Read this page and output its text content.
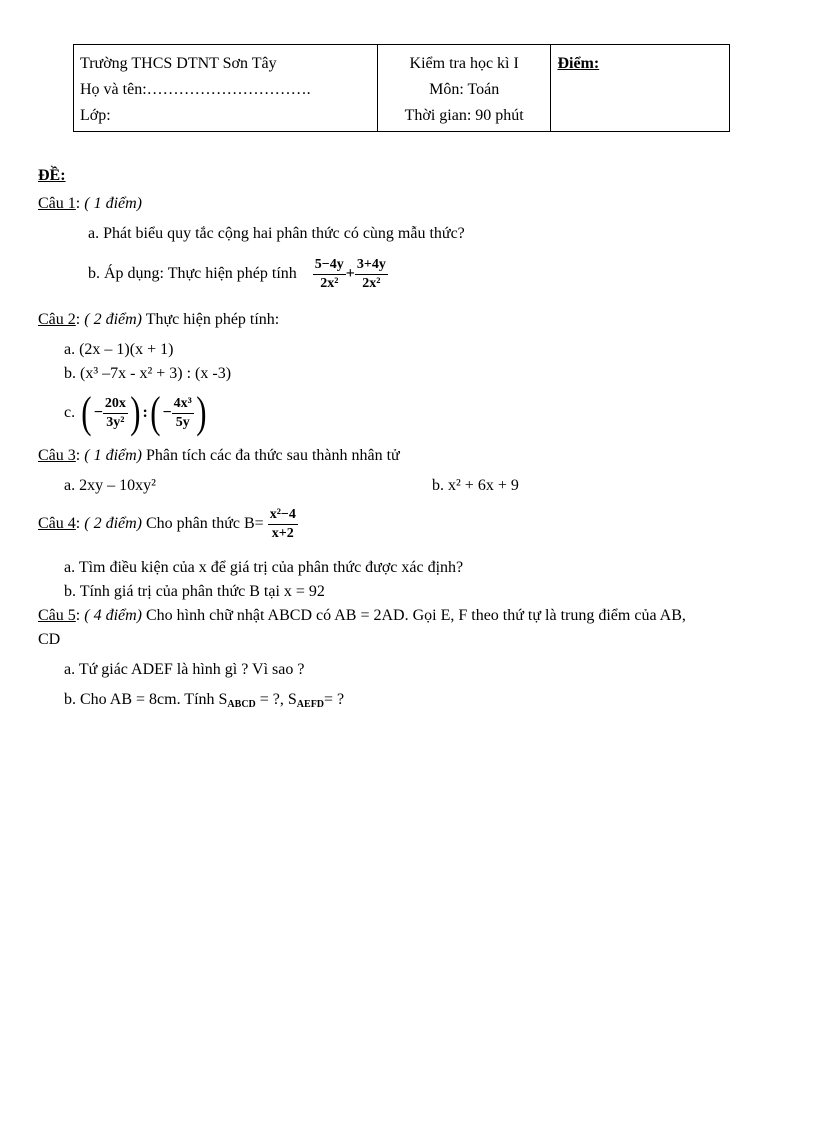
Trường THCS DTNT Sơn Tây
Họ và tên:………………………….
Lớp:

Kiểm tra học kì I
Môn: Toán
Thời gian: 90 phút
	Điểm:
ĐỀ:
Câu 1: ( 1 điểm)
a. Phát biểu quy tắc cộng hai phân thức có cùng mẫu thức?
b. Áp dụng: Thực hiện phép tính $\frac{5-4y}{\text{2x²}} + \frac{3+4y}{\text{2x²}}$
Câu 2: ( 2 điểm) Thực hiện phép tính:
a. (2x – 1)(x + 1)
b. (x³ –7x - x² + 3) : (x -3)
c. ( − $\frac{20x}{\text{3y²}}$ ) : ( − $\frac{\text{4x³}}{5y}$ )
Câu 3: ( 1 điểm) Phân tích các đa thức sau thành nhân tử
a. 2xy – 10xy²	b. x² + 6x + 9
Câu 4: ( 2 điểm) Cho phân thức $B= \frac{\text{x²−4}}{x+2}$
a. Tìm điều kiện của x để giá trị của phân thức được xác định?
b. Tính giá trị của phân thức B tại x = 92
Câu 5: ( 4 điểm) Cho hình chữ nhật ABCD có AB = 2AD. Gọi E, F theo thứ tự là trung điểm của AB,
CD
a. Tứ giác ADEF là hình gì ? Vì sao ?
b. Cho AB = 8cm. Tính $S_{ABCD}$ = ?, $S_{AEFD}=$ ?
